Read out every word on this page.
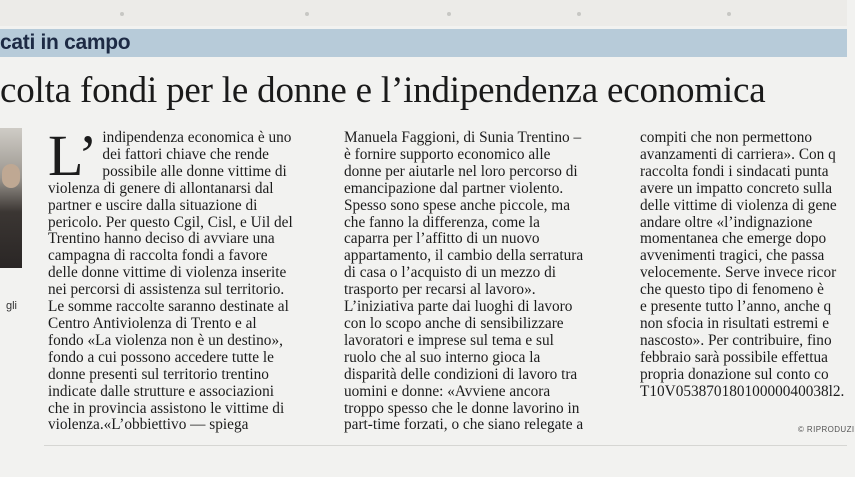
cati in campo
colta fondi per le donne e l’indipendenza economica
gli
L’ indipendenza economica è uno
dei fattori chiave che rende
possibile alle donne vittime di
violenza di genere di allontanarsi dal
partner e uscire dalla situazione di
pericolo. Per questo Cgil, Cisl, e Uil del
Trentino hanno deciso di avviare una
campagna di raccolta fondi a favore
delle donne vittime di violenza inserite
nei percorsi di assistenza sul territorio.
Le somme raccolte saranno destinate al
Centro Antiviolenza di Trento e al
fondo «La violenza non è un destino»,
fondo a cui possono accedere tutte le
donne presenti sul territorio trentino
indicate dalle strutture e associazioni
che in provincia assistono le vittime di
violenza.«L’obbiettivo — spiega
Manuela Faggioni, di Sunia Trentino –
è fornire supporto economico alle
donne per aiutarle nel loro percorso di
emancipazione dal partner violento.
Spesso sono spese anche piccole, ma
che fanno la differenza, come la
caparra per l’affitto di un nuovo
appartamento, il cambio della serratura
di casa o l’acquisto di un mezzo di
trasporto per recarsi al lavoro».
L’iniziativa parte dai luoghi di lavoro
con lo scopo anche di sensibilizzare
lavoratori e imprese sul tema e sul
ruolo che al suo interno gioca la
disparità delle condizioni di lavoro tra
uomini e donne: «Avviene ancora
troppo spesso che le donne lavorino in
part-time forzati, o che siano relegate a
compiti che non permettono
avanzamenti di carriera». Con q
raccolta fondi i sindacati punta
avere un impatto concreto sulla
delle vittime di violenza di gene
andare oltre «l’indignazione
momentanea che emerge dopo
avvenimenti tragici, che passa
velocemente. Serve invece ricor
che questo tipo di fenomeno è
e presente tutto l’anno, anche q
non sfocia in risultati estremi e
nascosto». Per contribuire, fino
febbraio sarà possibile effettua
propria donazione sul conto co
T10V05387018010000040038l2.
© RIPRODUZI
